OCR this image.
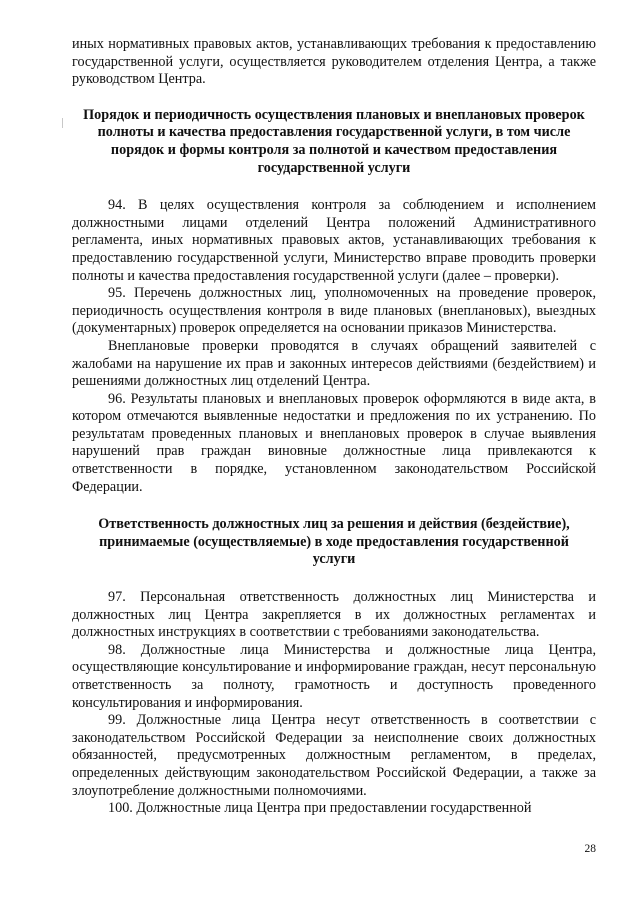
иных нормативных правовых актов, устанавливающих требования к предоставлению государственной услуги, осуществляется руководителем отделения Центра, а также руководством Центра.

Порядок и периодичность осуществления плановых и внеплановых проверок полноты и качества предоставления государственной услуги, в том числе порядок и формы контроля за полнотой и качеством предоставления государственной услуги

94. В целях осуществления контроля за соблюдением и исполнением должностными лицами отделений Центра положений Административного регламента, иных нормативных правовых актов, устанавливающих требования к предоставлению государственной услуги, Министерство вправе проводить проверки полноты и качества предоставления государственной услуги (далее – проверки).

95. Перечень должностных лиц, уполномоченных на проведение проверок, периодичность осуществления контроля в виде плановых (внеплановых), выездных (документарных) проверок определяется на основании приказов Министерства.

Внеплановые проверки проводятся в случаях обращений заявителей с жалобами на нарушение их прав и законных интересов действиями (бездействием) и решениями должностных лиц отделений Центра.

96. Результаты плановых и внеплановых проверок оформляются в виде акта, в котором отмечаются выявленные недостатки и предложения по их устранению. По результатам проведенных плановых и внеплановых проверок в случае выявления нарушений прав граждан виновные должностные лица привлекаются к ответственности в порядке, установленном законодательством Российской Федерации.

Ответственность должностных лиц за решения и действия (бездействие), принимаемые (осуществляемые) в ходе предоставления государственной услуги

97. Персональная ответственность должностных лиц Министерства и должностных лиц Центра закрепляется в их должностных регламентах и должностных инструкциях в соответствии с требованиями законодательства.

98. Должностные лица Министерства и должностные лица Центра, осуществляющие консультирование и информирование граждан, несут персональную ответственность за полноту, грамотность и доступность проведенного консультирования и информирования.

99. Должностные лица Центра несут ответственность в соответствии с законодательством Российской Федерации за неисполнение своих должностных обязанностей, предусмотренных должностным регламентом, в пределах, определенных действующим законодательством Российской Федерации, а также за злоупотребление должностными полномочиями.

100. Должностные лица Центра при предоставлении государственной

28
